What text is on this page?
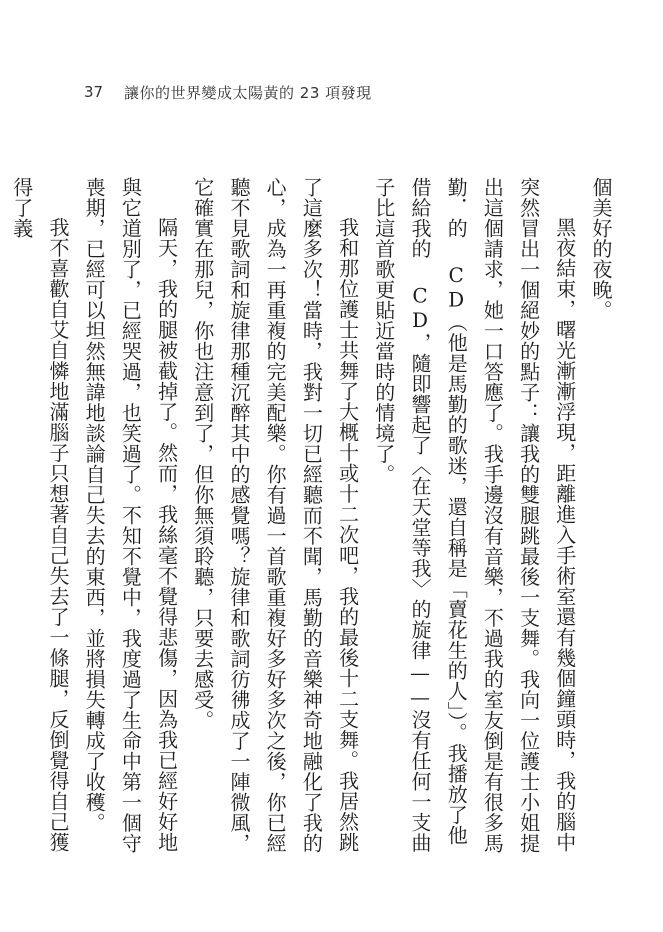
37	讓你的世界變成太陽黃的 23 項發現

個美好的夜晚。

黑夜結束，曙光漸漸浮現，距離進入手術室還有幾個鐘頭時，我的腦中突然冒出一個絕妙的點子：讓我的雙腿跳最後一支舞。我向一位護士小姐提出這個請求，她一口答應了。我手邊沒有音樂，不過我的室友倒是有很多馬勤．的 CD（他是馬勤的歌迷，還自稱是「賣花生的人」）。我播放了他借給我的 CD，隨即響起了〈在天堂等我〉的旋律——沒有任何一支曲子比這首歌更貼近當時的情境了。

我和那位護士共舞了大概十或十二次吧，我的最後十二支舞。我居然跳了這麼多次！當時，我對一切已經聽而不聞，馬勤的音樂神奇地融化了我的心，成為一再重複的完美配樂。你有過一首歌重複好多好多次之後，你已經聽不見歌詞和旋律那種沉醉其中的感覺嗎？旋律和歌詞彷彿成了一陣微風，它確實在那兒，你也注意到了，但你無須聆聽，只要去感受。

隔天，我的腿被截掉了。然而，我絲毫不覺得悲傷，因為我已經好好地與它道別了，已經哭過，也笑過了。不知不覺中，我度過了生命中第一個守喪期，已經可以坦然無諱地談論自己失去的東西，並將損失轉成了收穫。

我不喜歡自艾自憐地滿腦子只想著自己失去了一條腿，反倒覺得自己獲得了義
